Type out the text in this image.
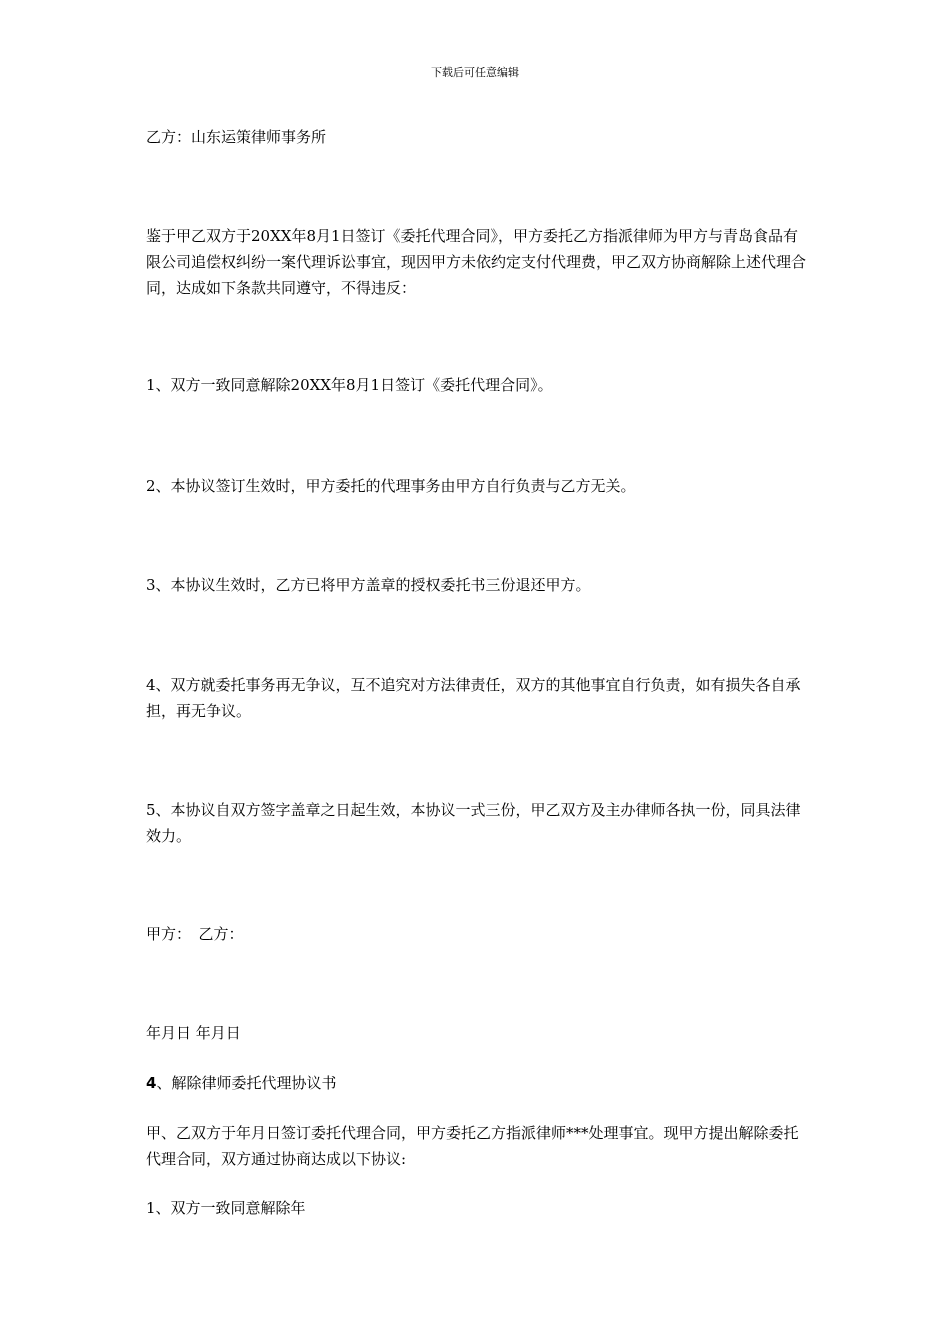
下载后可任意编辑

乙方：山东运策律师事务所

鉴于甲乙双方于20XX年8月1日签订《委托代理合同》，甲方委托乙方指派律师为甲方与青岛食品有限公司追偿权纠纷一案代理诉讼事宜，现因甲方未依约定支付代理费，甲乙双方协商解除上述代理合同，达成如下条款共同遵守，不得违反：

1、双方一致同意解除20XX年8月1日签订《委托代理合同》。

2、本协议签订生效时，甲方委托的代理事务由甲方自行负责与乙方无关。

3、本协议生效时，乙方已将甲方盖章的授权委托书三份退还甲方。

4、双方就委托事务再无争议，互不追究对方法律责任，双方的其他事宜自行负责，如有损失各自承担，再无争议。

5、本协议自双方签字盖章之日起生效，本协议一式三份，甲乙双方及主办律师各执一份，同具法律效力。

甲方：　乙方：

年月日 年月日

4、解除律师委托代理协议书

甲、乙双方于年月日签订委托代理合同，甲方委托乙方指派律师***处理事宜。现甲方提出解除委托代理合同，双方通过协商达成以下协议:

1、双方一致同意解除年
